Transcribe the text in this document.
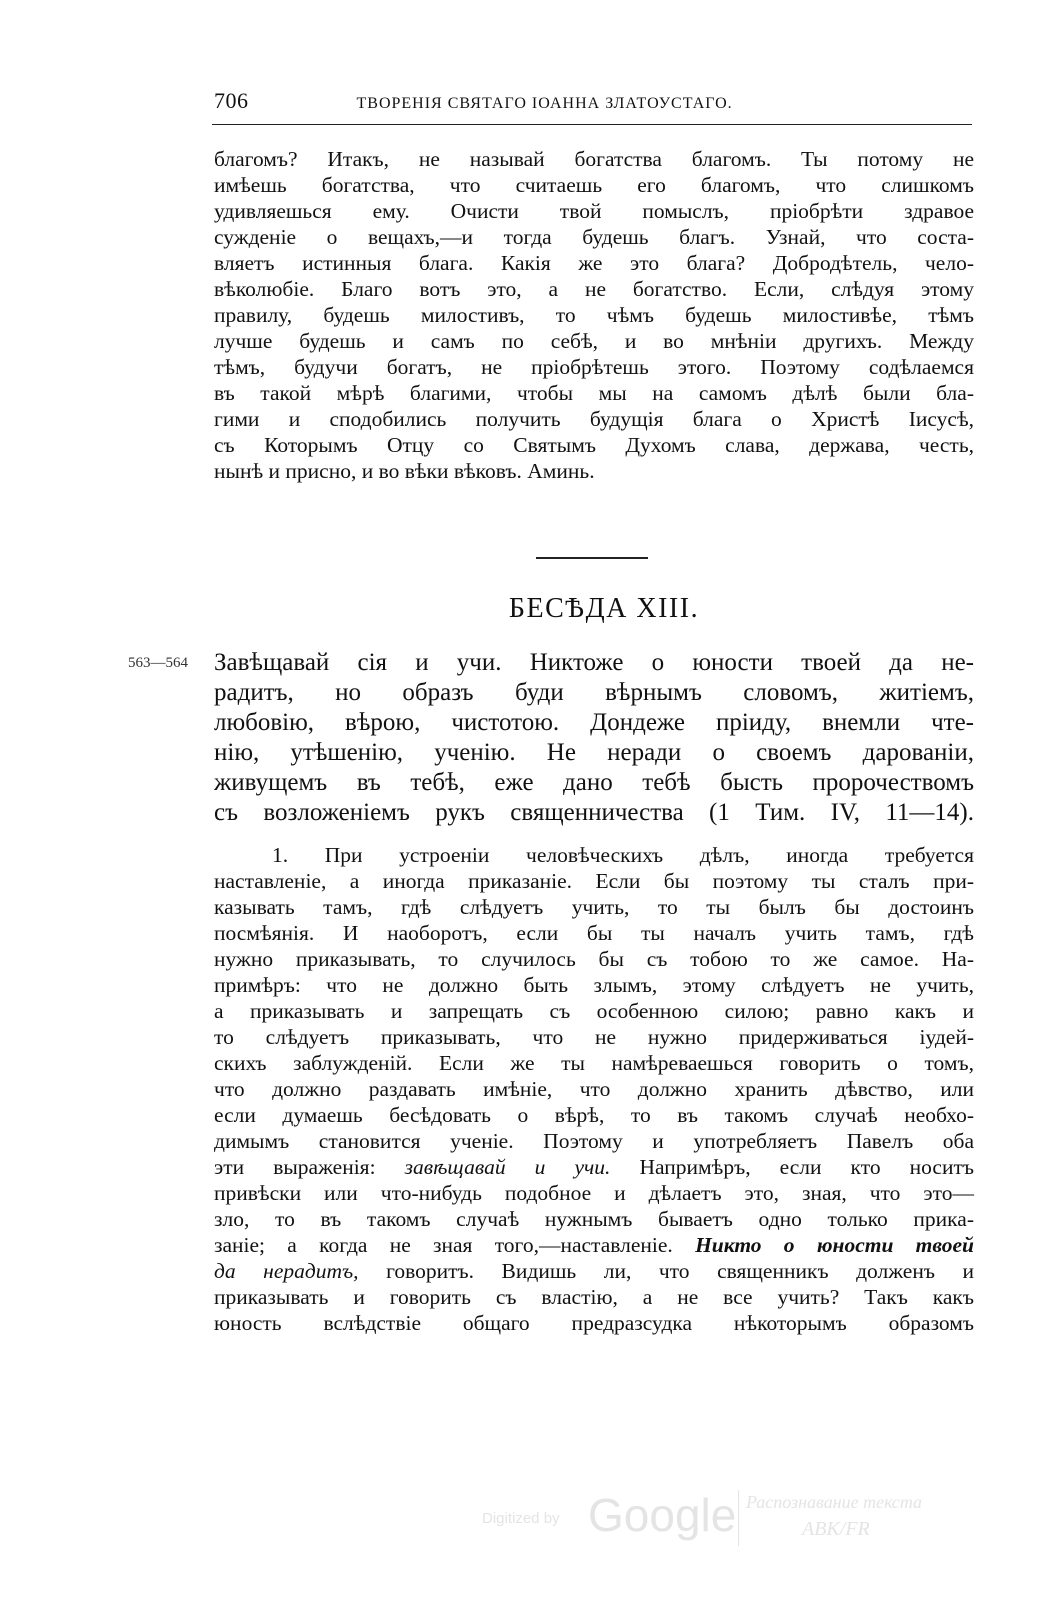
706	ТВОРЕНІЯ СВЯТАГО ІОАННА ЗЛАТОУСТАГО.
благомъ? Итакъ, не называй богатства благомъ. Ты потому не
имѣешь богатства, что считаешь его благомъ, что слишкомъ
удивляешься ему. Очисти твой помыслъ, пріобрѣти здравое
сужденіе о вещахъ,—и тогда будешь благъ. Узнай, что соста-
вляетъ истинныя блага. Какія же это блага? Добродѣтель, чело-
вѣколюбіе. Благо вотъ это, а не богатство. Если, слѣдуя этому
правилу, будешь милостивъ, то чѣмъ будешь милостивѣе, тѣмъ
лучше будешь и самъ по себѣ, и во мнѣніи другихъ. Между
тѣмъ, будучи богатъ, не пріобрѣтешь этого. Поэтому содѣлаемся
въ такой мѣрѣ благими, чтобы мы на самомъ дѣлѣ были бла-
гими и сподобились получить будущія блага о Христѣ Іисусѣ,
съ Которымъ Отцу со Святымъ Духомъ слава, держава, честь,
нынѣ и присно, и во вѣки вѣковъ. Аминь.
БЕСѢДА XIII.
563—564 Завѣщавай сія и учи. Никтоже о юности твоей да не-
радитъ, но образъ буди вѣрнымъ словомъ, житіемъ,
любовію, вѣрою, чистотою. Дондеже пріиду, внемли чте-
нію, утѣшенію, ученію. Не неради о своемъ дарованіи,
живущемъ въ тебѣ, еже дано тебѣ бысть пророчествомъ
съ возложеніемъ рукъ священничества (1 Тим. IV, 11—14).
1. При устроеніи человѣческихъ дѣлъ, иногда требуется
наставленіе, а иногда приказаніе. Если бы поэтому ты сталъ при-
казывать тамъ, гдѣ слѣдуетъ учить, то ты былъ бы достоинъ
посмѣянія. И наоборотъ, если бы ты началъ учить тамъ, гдѣ
нужно приказывать, то случилось бы съ тобою то же самое. На-
примѣръ: что не должно быть злымъ, этому слѣдуетъ не учить,
а приказывать и запрещать съ особенною силою; равно какъ и
то слѣдуетъ приказывать, что не нужно придерживаться іудей-
скихъ заблужденій. Если же ты намѣреваешься говорить о томъ,
что должно раздавать имѣніе, что должно хранить дѣвство, или
если думаешь бесѣдовать о вѣрѣ, то въ такомъ случаѣ необхо-
димымъ становится ученіе. Поэтому и употребляетъ Павелъ оба
эти выраженія: завѣщавай и учи. Напримѣръ, если кто носитъ
привѣски или что-нибудь подобное и дѣлаетъ это, зная, что это—
зло, то въ такомъ случаѣ нужнымъ бываетъ одно только прика-
заніе; а когда не зная того,—наставленіе. Никто о юности твоей
да нерадитъ, говоритъ. Видишь ли, что священникъ долженъ и
приказывать и говорить съ властію, а не все учить? Такъ какъ
юность вслѣдствіе общаго предразсудка нѣкоторымъ образомъ
Digitized by Google Распознавание текста
ABK/FR
